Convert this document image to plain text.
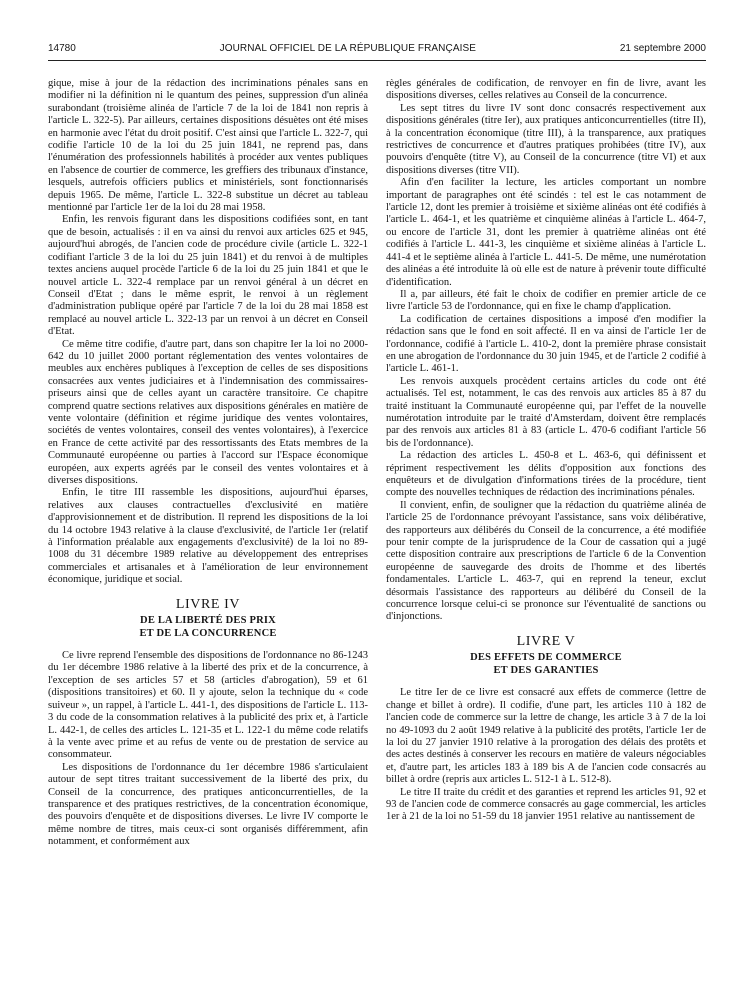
14780	JOURNAL OFFICIEL DE LA RÉPUBLIQUE FRANÇAISE	21 septembre 2000

gique, mise à jour de la rédaction des incriminations pénales sans en modifier ni la définition ni le quantum des peines, suppression d'un alinéa surabondant (troisième alinéa de l'article 7 de la loi de 1841 non repris à l'article L. 322-5). Par ailleurs, certaines dispositions désuètes ont été mises en harmonie avec l'état du droit positif. C'est ainsi que l'article L. 322-7, qui codifie l'article 10 de la loi du 25 juin 1841, ne reprend pas, dans l'énumération des professionnels habilités à procéder aux ventes publiques en l'absence de courtier de commerce, les greffiers des tribunaux d'instance, lesquels, autrefois officiers publics et ministériels, sont fonctionnarisés depuis 1965. De même, l'article L. 322-8 substitue un décret au tableau mentionné par l'article 1er de la loi du 28 mai 1958.

Enfin, les renvois figurant dans les dispositions codifiées sont, en tant que de besoin, actualisés : il en va ainsi du renvoi aux articles 625 et 945, aujourd'hui abrogés, de l'ancien code de procédure civile (article L. 322-1 codifiant l'article 3 de la loi du 25 juin 1841) et du renvoi à de multiples textes anciens auquel procède l'article 6 de la loi du 25 juin 1841 et que le nouvel article L. 322-4 remplace par un renvoi général à un décret en Conseil d'Etat ; dans le même esprit, le renvoi à un règlement d'administration publique opéré par l'article 7 de la loi du 28 mai 1858 est remplacé au nouvel article L. 322-13 par un renvoi à un décret en Conseil d'Etat.

Ce même titre codifie, d'autre part, dans son chapitre Ier la loi no 2000-642 du 10 juillet 2000 portant réglementation des ventes volontaires de meubles aux enchères publiques à l'exception de celles de ses dispositions consacrées aux ventes judiciaires et à l'indemnisation des commissaires-priseurs ainsi que de celles ayant un caractère transitoire. Ce chapitre comprend quatre sections relatives aux dispositions générales en matière de vente volontaire (définition et régime juridique des ventes volontaires, sociétés de ventes volontaires, conseil des ventes volontaires), à l'exercice en France de cette activité par des ressortissants des Etats membres de la Communauté européenne ou parties à l'accord sur l'Espace économique européen, aux experts agréés par le conseil des ventes volontaires et à diverses dispositions.

Enfin, le titre III rassemble les dispositions, aujourd'hui éparses, relatives aux clauses contractuelles d'exclusivité en matière d'approvisionnement et de distribution. Il reprend les dispositions de la loi du 14 octobre 1943 relative à la clause d'exclusivité, de l'article 1er (relatif à l'information préalable aux engagements d'exclusivité) de la loi no 89-1008 du 31 décembre 1989 relative au développement des entreprises commerciales et artisanales et à l'amélioration de leur environnement économique, juridique et social.

LIVRE IV
DE LA LIBERTÉ DES PRIX
ET DE LA CONCURRENCE

Ce livre reprend l'ensemble des dispositions de l'ordonnance no 86-1243 du 1er décembre 1986 relative à la liberté des prix et de la concurrence, à l'exception de ses articles 57 et 58 (articles d'abrogation), 59 et 61 (dispositions transitoires) et 60. Il y ajoute, selon la technique du « code suiveur », un rappel, à l'article L. 441-1, des dispositions de l'article L. 113-3 du code de la consommation relatives à la publicité des prix et, à l'article L. 442-1, de celles des articles L. 121-35 et L. 122-1 du même code relatifs à la vente avec prime et au refus de vente ou de prestation de service au consommateur.

Les dispositions de l'ordonnance du 1er décembre 1986 s'articulaient autour de sept titres traitant successivement de la liberté des prix, du Conseil de la concurrence, des pratiques anticoncurrentielles, de la transparence et des pratiques restrictives, de la concentration économique, des pouvoirs d'enquête et de dispositions diverses. Le livre IV comporte le même nombre de titres, mais ceux-ci sont organisés différemment, afin notamment, et conformément aux

règles générales de codification, de renvoyer en fin de livre, avant les dispositions diverses, celles relatives au Conseil de la concurrence.

Les sept titres du livre IV sont donc consacrés respectivement aux dispositions générales (titre Ier), aux pratiques anticoncurrentielles (titre II), à la concentration économique (titre III), à la transparence, aux pratiques restrictives de concurrence et d'autres pratiques prohibées (titre IV), aux pouvoirs d'enquête (titre V), au Conseil de la concurrence (titre VI) et aux dispositions diverses (titre VII).

Afin d'en faciliter la lecture, les articles comportant un nombre important de paragraphes ont été scindés : tel est le cas notamment de l'article 12, dont les premier à troisième et sixième alinéas ont été codifiés à l'article L. 464-1, et les quatrième et cinquième alinéas à l'article L. 464-7, ou encore de l'article 31, dont les premier à quatrième alinéas ont été codifiés à l'article L. 441-3, les cinquième et sixième alinéas à l'article L. 441-4 et le septième alinéa à l'article L. 441-5. De même, une numérotation des alinéas a été introduite là où elle est de nature à prévenir toute difficulté d'identification.

Il a, par ailleurs, été fait le choix de codifier en premier article de ce livre l'article 53 de l'ordonnance, qui en fixe le champ d'application.

La codification de certaines dispositions a imposé d'en modifier la rédaction sans que le fond en soit affecté. Il en va ainsi de l'article 1er de l'ordonnance, codifié à l'article L. 410-2, dont la première phrase consistait en une abrogation de l'ordonnance du 30 juin 1945, et de l'article 2 codifié à l'article L. 461-1.

Les renvois auxquels procèdent certains articles du code ont été actualisés. Tel est, notamment, le cas des renvois aux articles 85 à 87 du traité instituant la Communauté européenne qui, par l'effet de la nouvelle numérotation introduite par le traité d'Amsterdam, doivent être remplacés par des renvois aux articles 81 à 83 (article L. 470-6 codifiant l'article 56 bis de l'ordonnance).

La rédaction des articles L. 450-8 et L. 463-6, qui définissent et répriment respectivement les délits d'opposition aux fonctions des enquêteurs et de divulgation d'informations tirées de la procédure, tient compte des nouvelles techniques de rédaction des incriminations pénales.

Il convient, enfin, de souligner que la rédaction du quatrième alinéa de l'article 25 de l'ordonnance prévoyant l'assistance, sans voix délibérative, des rapporteurs aux délibérés du Conseil de la concurrence, a été modifiée pour tenir compte de la jurisprudence de la Cour de cassation qui a jugé cette disposition contraire aux prescriptions de l'article 6 de la Convention européenne de sauvegarde des droits de l'homme et des libertés fondamentales. L'article L. 463-7, qui en reprend la teneur, exclut désormais l'assistance des rapporteurs au délibéré du Conseil de la concurrence lorsque celui-ci se prononce sur l'éventualité de sanctions ou d'injonctions.

LIVRE V
DES EFFETS DE COMMERCE
ET DES GARANTIES

Le titre Ier de ce livre est consacré aux effets de commerce (lettre de change et billet à ordre). Il codifie, d'une part, les articles 110 à 182 de l'ancien code de commerce sur la lettre de change, les article 3 à 7 de la loi no 49-1093 du 2 août 1949 relative à la publicité des protêts, l'article 1er de la loi du 27 janvier 1910 relative à la prorogation des délais des protêts et des actes destinés à conserver les recours en matière de valeurs négociables et, d'autre part, les articles 183 à 189 bis A de l'ancien code consacrés au billet à ordre (repris aux articles L. 512-1 à L. 512-8).

Le titre II traite du crédit et des garanties et reprend les articles 91, 92 et 93 de l'ancien code de commerce consacrés au gage commercial, les articles 1er à 21 de la loi no 51-59 du 18 janvier 1951 relative au nantissement de
